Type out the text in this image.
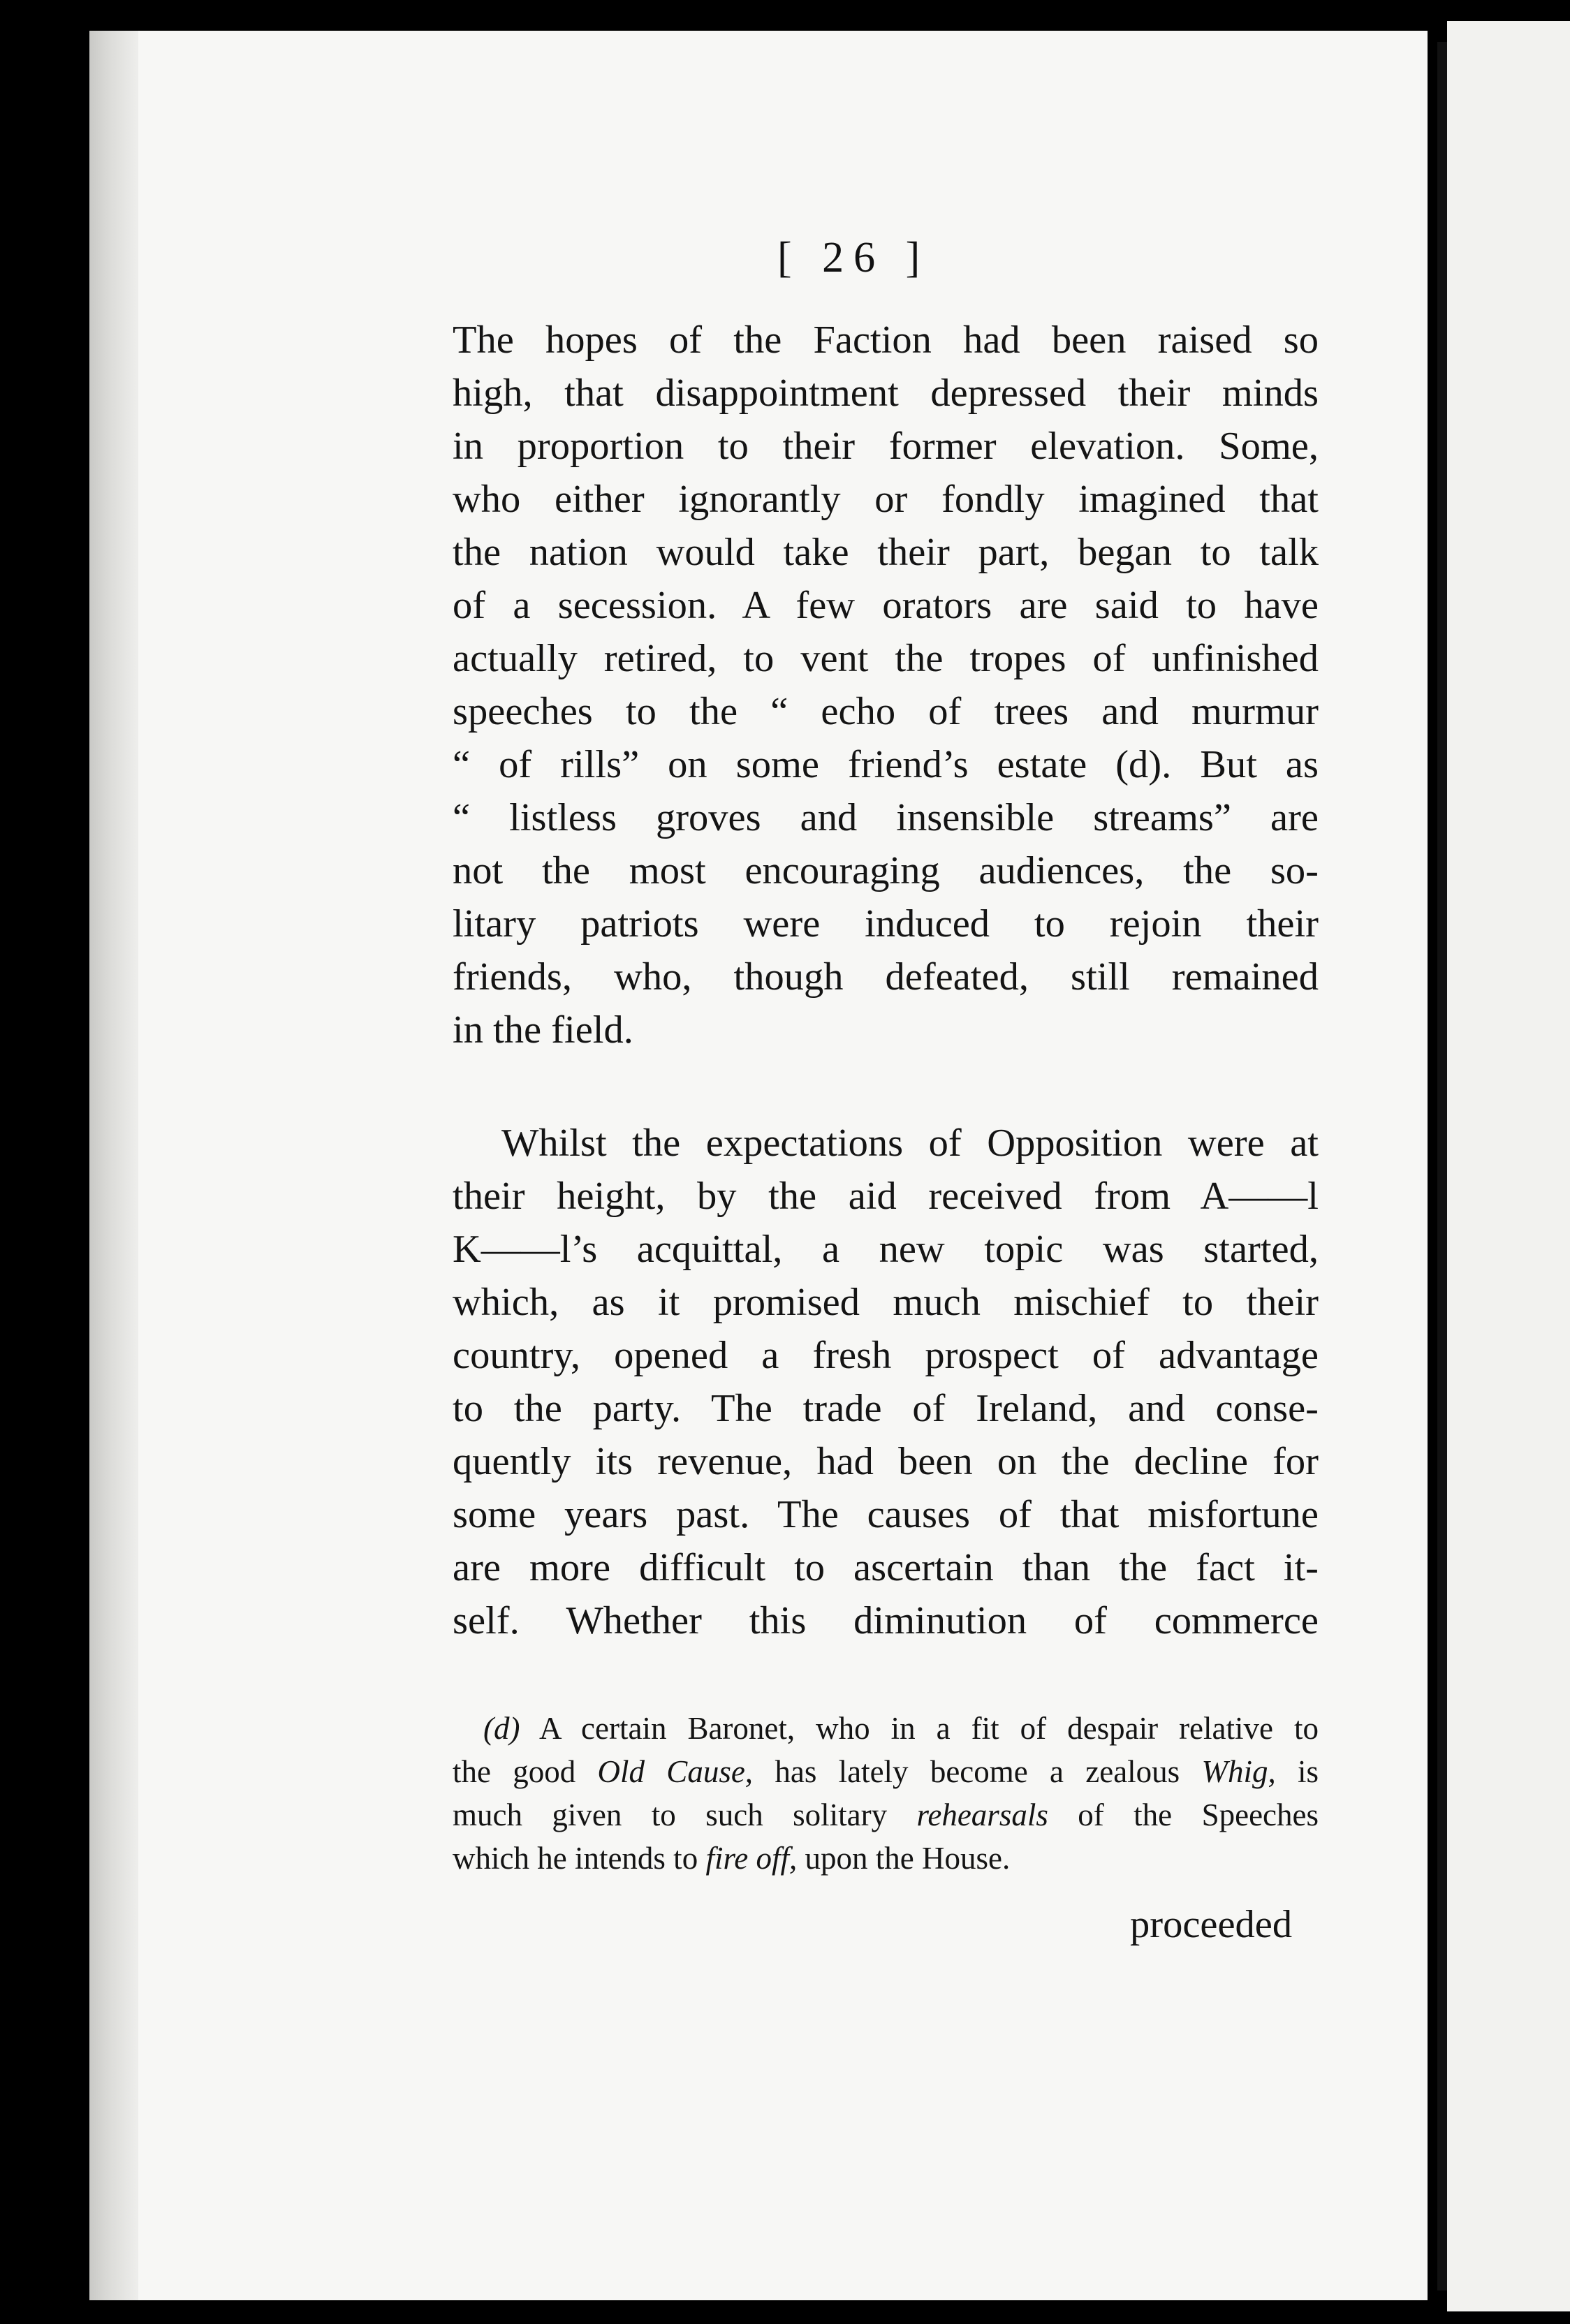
[ 26 ]
The hopes of the Faction had been raised so
high, that disappointment depressed their minds
in proportion to their former elevation. Some,
who either ignorantly or fondly imagined that
the nation would take their part, began to talk
of a secession. A few orators are said to have
actually retired, to vent the tropes of unfinished
speeches to the “ echo of trees and murmur
“ of rills” on some friend’s estate (d). But as
“ listless groves and insensible streams” are
not the most encouraging audiences, the so-
litary patriots were induced to rejoin their
friends, who, though defeated, still remained
in the field.
Whilst the expectations of Opposition were at
their height, by the aid received from A——l
K——l’s acquittal, a new topic was started,
which, as it promised much mischief to their
country, opened a fresh prospect of advantage
to the party. The trade of Ireland, and conse-
quently its revenue, had been on the decline for
some years past. The causes of that misfortune
are more difficult to ascertain than the fact it-
self. Whether this diminution of commerce
(d) A certain Baronet, who in a fit of despair relative to
the good Old Cause, has lately become a zealous Whig, is
much given to such solitary rehearsals of the Speeches
which he intends to fire off, upon the House.
proceeded
